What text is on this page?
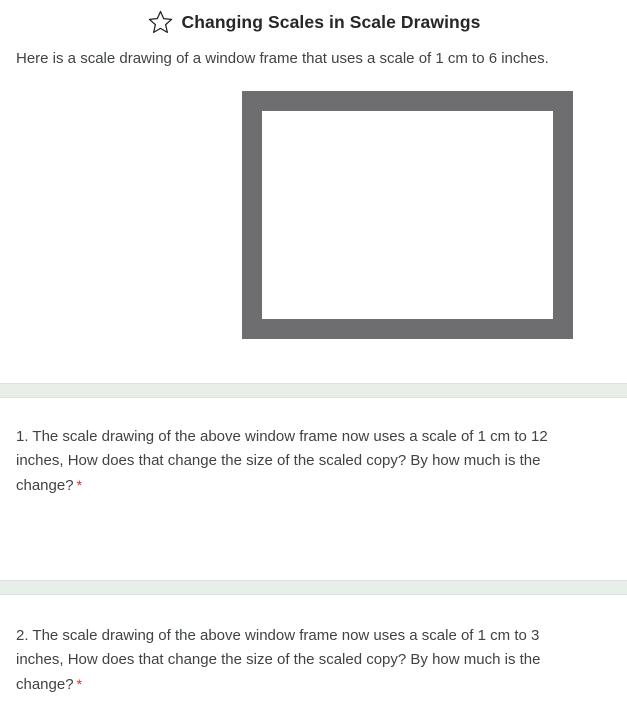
Changing Scales in Scale Drawings

Here is a scale drawing of a window frame that uses a scale of 1 cm to 6 inches.

1. The scale drawing of the above window frame now uses a scale of 1 cm to 12 inches, How does that change the size of the scaled copy? By how much is the change? *

2. The scale drawing of the above window frame now uses a scale of 1 cm to 3 inches, How does that change the size of the scaled copy? By how much is the change? *
